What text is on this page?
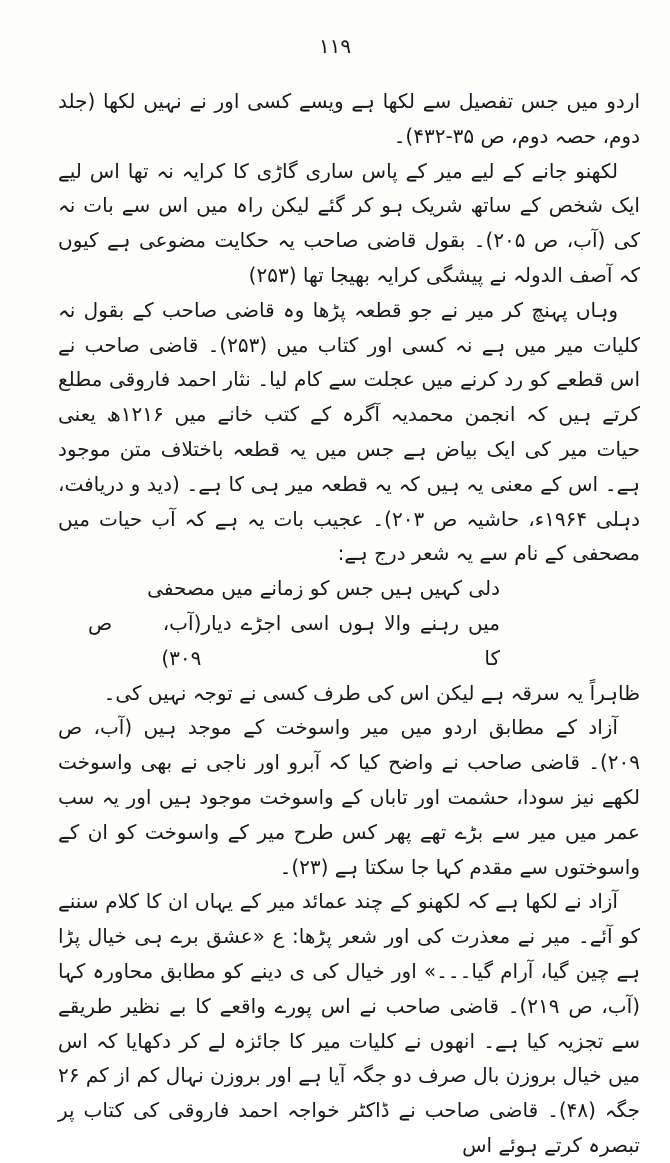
۱۱۹

اردو میں جس تفصیل سے لکھا ہے ویسے کسی اور نے نہیں لکھا (جلد دوم، حصہ دوم، ص ۳۵-۴۳۲)۔

لکھنو جانے کے لیے میر کے پاس ساری گاڑی کا کرایہ نہ تھا اس لیے ایک شخص کے ساتھ شریک ہو کر گئے لیکن راہ میں اس سے بات نہ کی (آب، ص ۲۰۵)۔ بقول قاضی صاحب یہ حکایت مضوعی ہے کیوں کہ آصف الدولہ نے پیشگی کرایہ بھیجا تھا (۲۵۳)

وہاں پہنچ کر میر نے جو قطعہ پڑھا وہ قاضی صاحب کے بقول نہ کلیات میر میں ہے نہ کسی اور کتاب میں (۲۵۳)۔ قاضی صاحب نے اس قطعے کو رد کرنے میں عجلت سے کام لیا۔ نثار احمد فاروقی مطلع کرتے ہیں کہ انجمن محمدیہ آگرہ کے کتب خانے میں ۱۲۱۶ھ یعنی حیات میر کی ایک بیاض ہے جس میں یہ قطعہ باختلاف متن موجود ہے۔ اس کے معنی یہ ہیں کہ یہ قطعہ میر ہی کا ہے۔ (دید و دریافت، دہلی ۱۹۶۴ء، حاشیہ ص ۲۰۳)۔ عجیب بات یہ ہے کہ آب حیات میں مصحفی کے نام سے یہ شعر درج ہے:

دلی کہیں ہیں جس کو زمانے میں مصحفی

میں رہنے والا ہوں اسی اجڑے دیار کا
(آب، ص ۳۰۹)

ظاہراً یہ سرقہ ہے لیکن اس کی طرف کسی نے توجہ نہیں کی۔

آزاد کے مطابق اردو میں میر واسوخت کے موجد ہیں (آب، ص ۲۰۹)۔ قاضی صاحب نے واضح کیا کہ آبرو اور ناجی نے بھی واسوخت لکھے نیز سودا، حشمت اور تاباں کے واسوخت موجود ہیں اور یہ سب عمر میں میر سے بڑے تھے پھر کس طرح میر کے واسوخت کو ان کے واسوختوں سے مقدم کہا جا سکتا ہے (۲۳)۔

آزاد نے لکھا ہے کہ لکھنو کے چند عمائد میر کے یہاں ان کا کلام سننے کو آئے۔ میر نے معذرت کی اور شعر پڑھا: ع «عشق برے ہی خیال پڑا ہے چین گیا، آرام گیا۔۔۔» اور خیال کی ی دینے کو مطابق محاورہ کہا (آب، ص ۲۱۹)۔ قاضی صاحب نے اس پورے واقعے کا بے نظیر طریقے سے تجزیہ کیا ہے۔ انھوں نے کلیات میر کا جائزہ لے کر دکھایا کہ اس میں خیال بروزن بال صرف دو جگہ آیا ہے اور بروزن نہال کم از کم ۲۶ جگہ (۴۸)۔ قاضی صاحب نے ڈاکٹر خواجہ احمد فاروقی کی کتاب پر تبصرہ کرتے ہوئے اس
